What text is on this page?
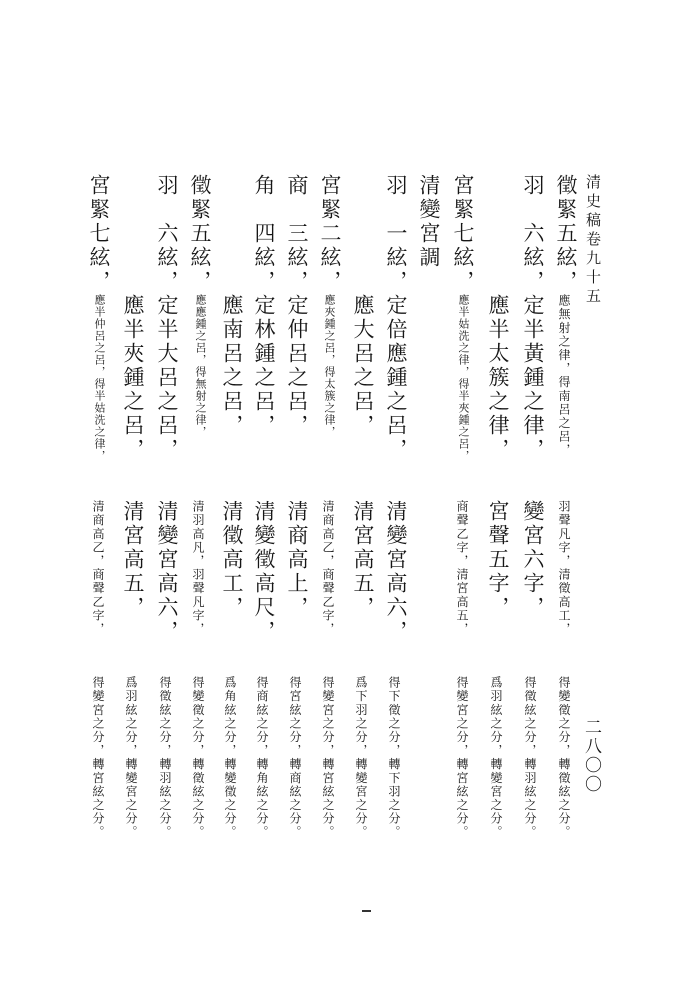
清史稿卷九十五
二八〇〇
徵緊五絃，
應無射之律，得南呂之呂，
羽聲凡字，清徵高工，
得變徵之分，轉徵絃之分。
羽　六絃，
定半黃鍾之律，
變宮六字，
得徵絃之分，轉羽絃之分。
應半太簇之律，
宮聲五字，
爲羽絃之分，轉變宮之分。
宮緊七絃，
應半姑洗之律，得半夾鍾之呂，
商聲乙字，清宮高五，
得變宮之分，轉宮絃之分。
清變宮調
羽　一絃，
定倍應鍾之呂，
清變宮高六，
得下徵之分，轉下羽之分。
應大呂之呂，
清宮高五，
爲下羽之分，轉變宮之分。
宮緊二絃，
應夾鍾之呂，得太簇之律，
清商高乙，商聲乙字，
得變宮之分，轉宮絃之分。
商　三絃，
定仲呂之呂，
清商高上，
得宮絃之分，轉商絃之分。
角　四絃，
定林鍾之呂，
清變徵高尺，
得商絃之分，轉角絃之分。
應南呂之呂，
清徵高工，
爲角絃之分，轉變徵之分。
徵緊五絃，
應應鍾之呂，得無射之律，
清羽高凡，羽聲凡字，
得變徵之分，轉徵絃之分。
羽　六絃，
定半大呂之呂，
清變宮高六，
得徵絃之分，轉羽絃之分。
應半夾鍾之呂，
清宮高五，
爲羽絃之分，轉變宮之分。
宮緊七絃，
應半仲呂之呂，得半姑洗之律，
清商高乙，商聲乙字，
得變宮之分，轉宮絃之分。
